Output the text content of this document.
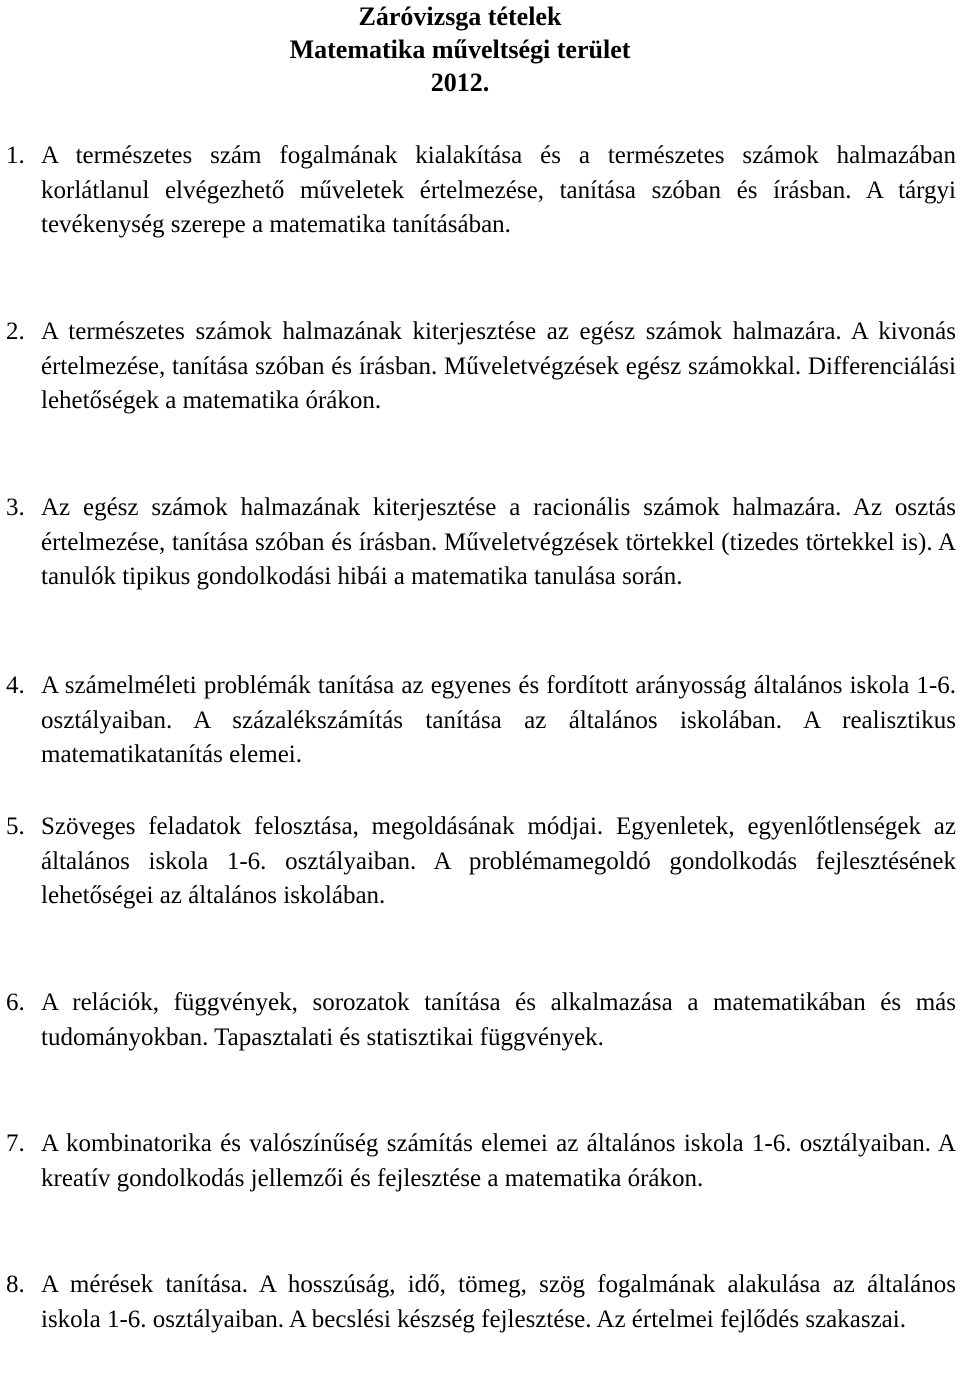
Záróvizsga tételek
Matematika műveltségi terület
2012.
1. A természetes szám fogalmának kialakítása és a természetes számok halmazában korlátlanul elvégezhető műveletek értelmezése, tanítása szóban és írásban. A tárgyi tevékenység szerepe a matematika tanításában.
2. A természetes számok halmazának kiterjesztése az egész számok halmazára. A kivonás értelmezése, tanítása szóban és írásban. Műveletvégzések egész számokkal. Differenciálási lehetőségek a matematika órákon.
3. Az egész számok halmazának kiterjesztése a racionális számok halmazára. Az osztás értelmezése, tanítása szóban és írásban. Műveletvégzések törtekkel (tizedes törtekkel is). A tanulók tipikus gondolkodási hibái a matematika tanulása során.
4. A számelméleti problémák tanítása az egyenes és fordított arányosság általános iskola 1-6. osztályaiban. A százalékszámítás tanítása az általános iskolában. A realisztikus matematikatanítás elemei.
5. Szöveges feladatok felosztása, megoldásának módjai. Egyenletek, egyenlőtlenségek az általános iskola 1-6. osztályaiban. A problémamegoldó gondolkodás fejlesztésének lehetőségei az általános iskolában.
6. A relációk, függvények, sorozatok tanítása és alkalmazása a matematikában és más tudományokban. Tapasztalati és statisztikai függvények.
7. A kombinatorika és valószínűség számítás elemei az általános iskola 1-6. osztályaiban. A kreatív gondolkodás jellemzői és fejlesztése a matematika órákon.
8. A mérések tanítása. A hosszúság, idő, tömeg, szög fogalmának alakulása az általános iskola 1-6. osztályaiban. A becslési készség fejlesztése. Az értelmei fejlődés szakaszai.
